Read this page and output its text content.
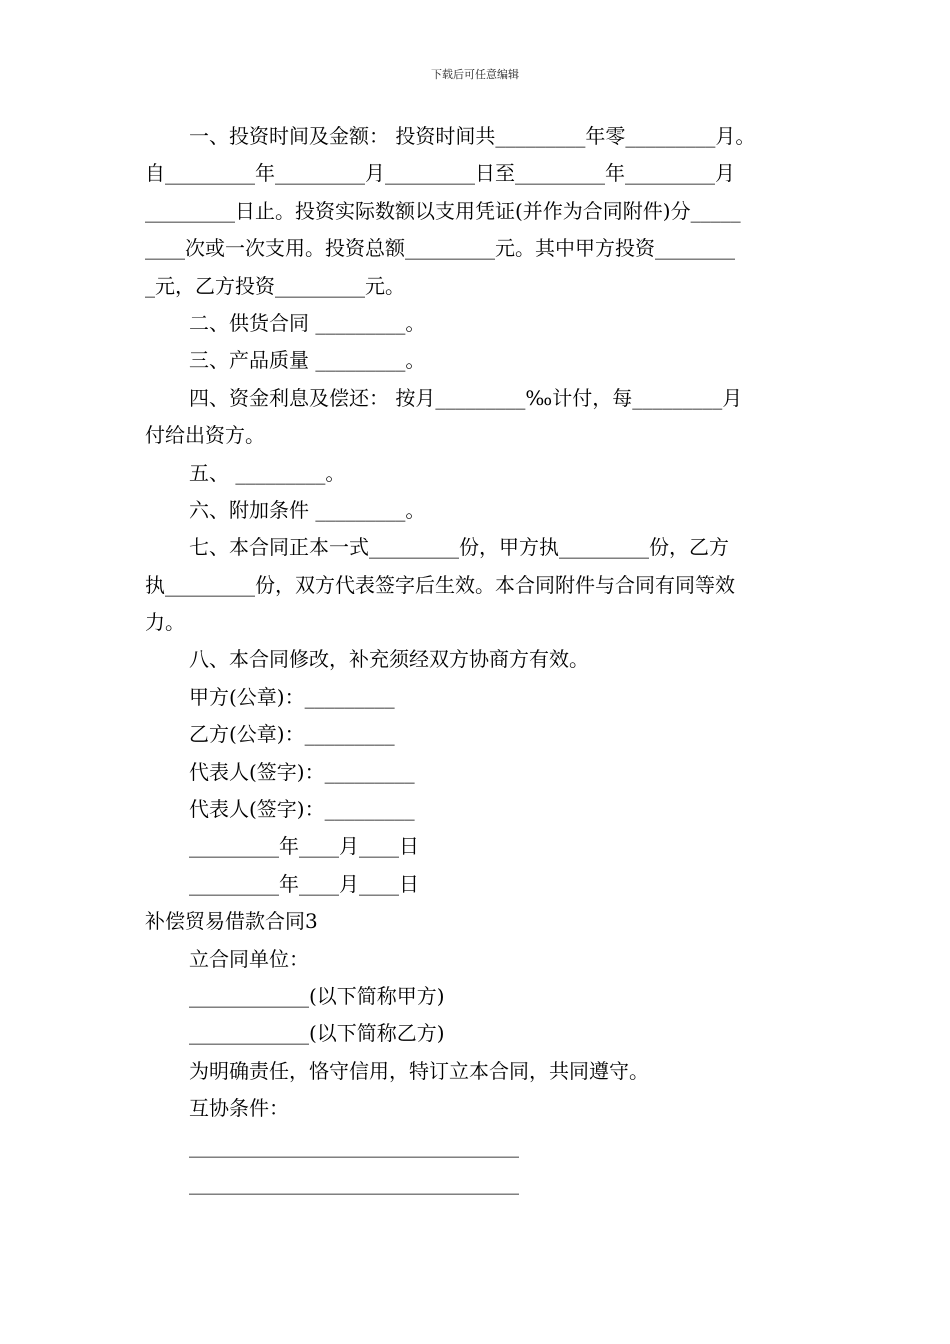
下载后可任意编辑
一、投资时间及金额： 投资时间共_________年零_________月。
自_________年_________月_________日至_________年_________月
_________日止。投资实际数额以支用凭证(并作为合同附件)分_____
____次或一次支用。投资总额_________元。其中甲方投资________
_元，乙方投资_________元。
二、供货合同 _________。
三、产品质量 _________。
四、资金利息及偿还： 按月_________‰计付，每_________月
付给出资方。
五、 _________。
六、附加条件 _________。
七、本合同正本一式_________份，甲方执_________份，乙方
执_________份，双方代表签字后生效。本合同附件与合同有同等效
力。
八、本合同修改，补充须经双方协商方有效。
甲方(公章)：_________
乙方(公章)：_________
代表人(签字)：_________
代表人(签字)：_________
_________年____月____日
_________年____月____日
补偿贸易借款合同3
立合同单位：
____________(以下简称甲方)
____________(以下简称乙方)
为明确责任，恪守信用，特订立本合同，共同遵守。
互协条件：
_________________________________
_________________________________
